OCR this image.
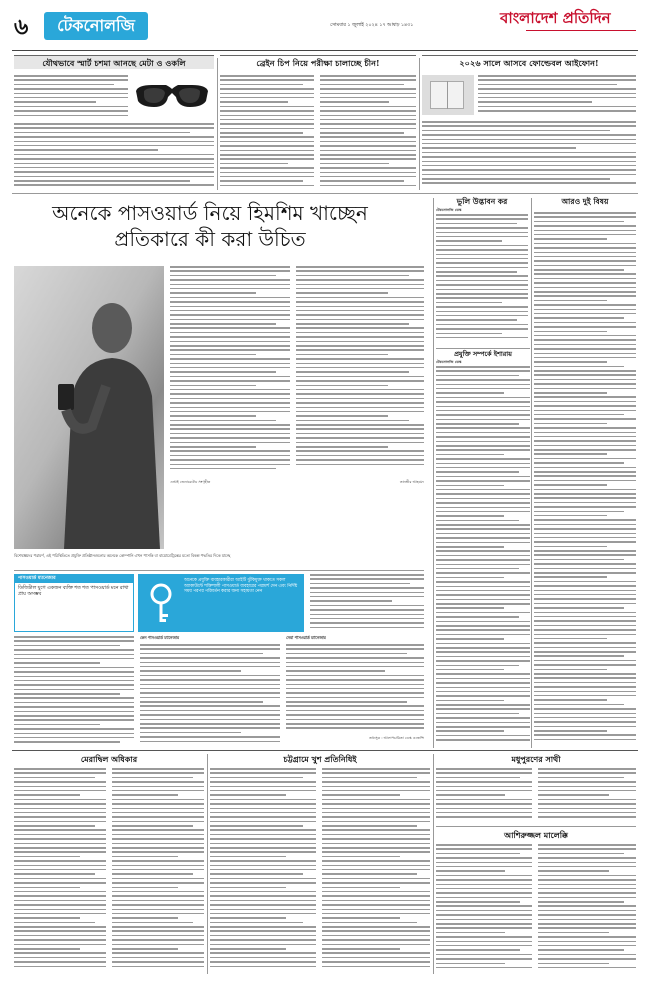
৬	টেকনোলজি	সোমবার ১ জুলাই ২০২৪ ১৭ আষাঢ় ১৪৩১	বাংলাদেশ প্রতিদিন
যৌথভাবে স্মার্ট চশমা আনছে মেটা ও ওকলি	ব্রেইন চিপ নিয়ে পরীক্ষা চালাচ্ছে চীন!	২০২৬ সালে আসবে ফোল্ডেবল আইফোন!
অনেকে পাসওয়ার্ড নিয়ে হিমশিম খাচ্ছেন
প্রতিকারে কী করা উচিত
এআই জেনারেটেড সংগৃহীত	তানভীর আহমেদ
বিশেষজ্ঞদের পরামর্শ, এই পরিস্থিতিতে প্রযুক্তি প্রতিষ্ঠানগুলোর অনেকে কোম্পানি এখন পাসকি বা বায়োমেট্রিক্সের মতো বিকল্প পদ্ধতির দিকে যাচ্ছে
পাসওয়ার্ড ম্যানেজার
ডিজিটাল যুগে একজন ব্যক্তি শত শত পাসওয়ার্ড মনে রাখা প্রায় অসম্ভব
অনেকে প্রযুক্তি ব্যবহারকারীরা আইটি ঝুঁকিমুক্ত থাকতে সকল অ্যাকাউন্টে শক্তিশালী পাসওয়ার্ড ব্যবহারের পরামর্শ দেন এবং নির্দিষ্ট সময় পরপর পরিবর্তন করার জন্য সহায়তা নেন
কেন পাসওয়ার্ড ম্যানেজার	সেরা পাসওয়ার্ড ম্যানেজার
তথ্যসূত্র : আলাপচারিতা ডেস্ক এজেন্সি
ভুলি উদ্ভাবন কর
টেকনোলজি ডেস্ক
আরও দুই বিষয়
প্রযুক্তি সম্পর্কে ইশারায়
টেকনোলজি ডেস্ক
মেরাদ্বিল অধিকার	চট্টগ্রামে খুশ প্রতিনিধিই	মধুপুরণের সাথী
আশিরুজ্জল মালেক্কি
